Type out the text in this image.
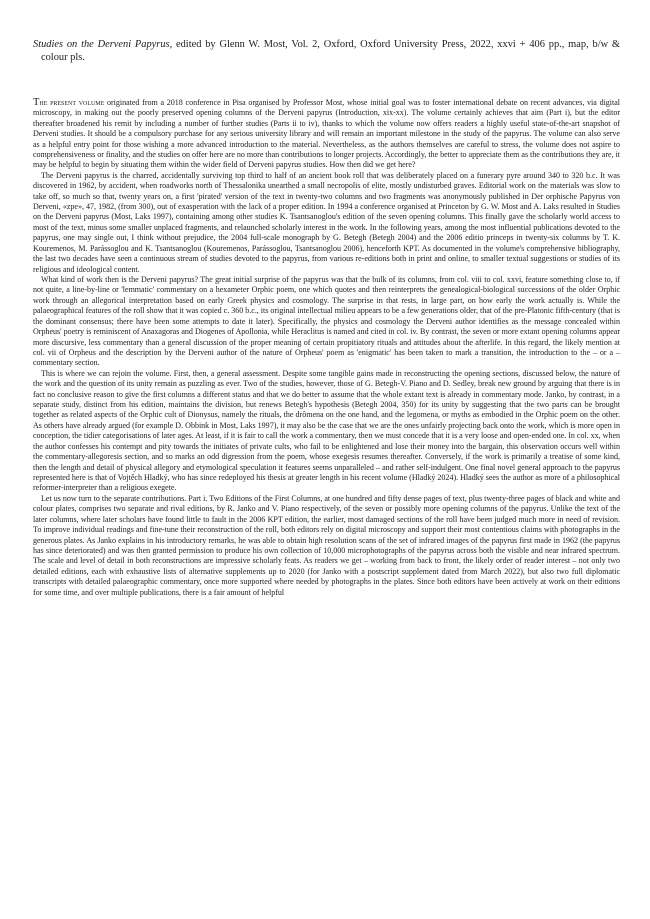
Studies on the Derveni Papyrus, edited by Glenn W. Most, Vol. 2, Oxford, Oxford University Press, 2022, xxvi + 406 pp., map, b/w & colour pls.

The present volume originated from a 2018 conference in Pisa organised by Professor Most, whose initial goal was to foster international debate on recent advances, via digital microscopy, in making out the poorly preserved opening columns of the Derveni papyrus (Introduction, xix-xx). The volume certainly achieves that aim (Part i), but the editor thereafter broadened his remit by including a number of further studies (Parts ii to iv), thanks to which the volume now offers readers a highly useful state-of-the-art snapshot of Derveni studies. It should be a compulsory purchase for any serious university library and will remain an important milestone in the study of the papyrus. The volume can also serve as a helpful entry point for those wishing a more advanced introduction to the material. Nevertheless, as the authors themselves are careful to stress, the volume does not aspire to comprehensiveness or finality, and the studies on offer here are no more than contributions to longer projects. Accordingly, the better to appreciate them as the contributions they are, it may be helpful to begin by situating them within the wider field of Derveni papyrus studies. How then did we get here?

The Derveni papyrus is the charred, accidentally surviving top third to half of an ancient book roll that was deliberately placed on a funerary pyre around 340 to 320 b.c. It was discovered in 1962, by accident, when roadworks north of Thessalonika unearthed a small necropolis of elite, mostly undisturbed graves. Editorial work on the materials was slow to take off, so much so that, twenty years on, a first 'pirated' version of the text in twenty-two columns and two fragments was anonymously published in Der orphische Papyrus von Derveni, «zpe», 47, 1982, (from 300), out of exasperation with the lack of a proper edition. In 1994 a conference organised at Princeton by G. W. Most and A. Laks resulted in Studies on the Derveni papyrus (Most, Laks 1997), containing among other studies K. Tsantsanoglou's edition of the seven opening columns. This finally gave the scholarly world access to most of the text, minus some smaller unplaced fragments, and relaunched scholarly interest in the work. In the following years, among the most influential publications devoted to the papyrus, one may single out, I think without prejudice, the 2004 full-scale monograph by G. Betegh (Betegh 2004) and the 2006 editio princeps in twenty-six columns by T. K. Kouremenos, M. Parássoglou and K. Tsantsanoglou (Kouremenos, Parássoglou, Tsantsanoglou 2006), henceforth KPT. As documented in the volume's comprehensive bibliography, the last two decades have seen a continuous stream of studies devoted to the papyrus, from various re-editions both in print and online, to smaller textual suggestions or studies of its religious and ideological content.

What kind of work then is the Derveni papyrus? The great initial surprise of the papyrus was that the bulk of its columns, from col. viii to col. xxvi, feature something close to, if not quite, a line-by-line or 'lemmatic' commentary on a hexameter Orphic poem, one which quotes and then reinterprets the genealogical-biological successions of the older Orphic work through an allegorical interpretation based on early Greek physics and cosmology. The surprise in that rests, in large part, on how early the work actually is. While the palaeographical features of the roll show that it was copied c. 360 b.c., its original intellectual milieu appears to be a few generations older, that of the pre-Platonic fifth-century (that is the dominant consensus; there have been some attempts to date it later). Specifically, the physics and cosmology the Derveni author identifies as the message concealed within Orpheus' poetry is reminiscent of Anaxagoras and Diogenes of Apollonia, while Heraclitus is named and cited in col. iv. By contrast, the seven or more extant opening columns appear more discursive, less commentary than a general discussion of the proper meaning of certain propitiatory rituals and attitudes about the afterlife. In this regard, the likely mention at col. vii of Orpheus and the description by the Derveni author of the nature of Orpheus' poem as 'enigmatic' has been taken to mark a transition, the introduction to the – or a – commentary section.

This is where we can rejoin the volume. First, then, a general assessment. Despite some tangible gains made in reconstructing the opening sections, discussed below, the nature of the work and the question of its unity remain as puzzling as ever. Two of the studies, however, those of G. Betegh-V. Piano and D. Sedley, break new ground by arguing that there is in fact no conclusive reason to give the first columns a different status and that we do better to assume that the whole extant text is already in commentary mode. Janko, by contrast, in a separate study, distinct from his edition, maintains the division, but renews Betegh's hypothesis (Betegh 2004, 350) for its unity by suggesting that the two parts can be brought together as related aspects of the Orphic cult of Dionysus, namely the rituals, the drômena on the one hand, and the legomena, or myths as embodied in the Orphic poem on the other. As others have already argued (for example D. Obbink in Most, Laks 1997), it may also be the case that we are the ones unfairly projecting back onto the work, which is more open in conception, the tidier categorisations of later ages. At least, if it is fair to call the work a commentary, then we must concede that it is a very loose and open-ended one. In col. xx, when the author confesses his contempt and pity towards the initiates of private cults, who fail to be enlightened and lose their money into the bargain, this observation occurs well within the commentary-allegoresis section, and so marks an odd digression from the poem, whose exegesis resumes thereafter. Conversely, if the work is primarily a treatise of some kind, then the length and detail of physical allegory and etymological speculation it features seems unparalleled – and rather self-indulgent. One final novel general approach to the papyrus represented here is that of Vojtěch Hladký, who has since redeployed his thesis at greater length in his recent volume (Hladký 2024). Hladký sees the author as more of a philosophical reformer-interpreter than a religious exegete.

Let us now turn to the separate contributions. Part i. Two Editions of the First Columns, at one hundred and fifty dense pages of text, plus twenty-three pages of black and white and colour plates, comprises two separate and rival editions, by R. Janko and V. Piano respectively, of the seven or possibly more opening columns of the papyrus. Unlike the text of the later columns, where later scholars have found little to fault in the 2006 KPT edition, the earlier, most damaged sections of the roll have been judged much more in need of revision. To improve individual readings and fine-tune their reconstruction of the roll, both editors rely on digital microscopy and support their most contentious claims with photographs in the generous plates. As Janko explains in his introductory remarks, he was able to obtain high resolution scans of the set of infrared images of the papyrus first made in 1962 (the papyrus has since deteriorated) and was then granted permission to produce his own collection of 10,000 microphotographs of the papyrus across both the visible and near infrared spectrum. The scale and level of detail in both reconstructions are impressive scholarly feats. As readers we get – working from back to front, the likely order of reader interest – not only two detailed editions, each with exhaustive lists of alternative supplements up to 2020 (for Janko with a postscript supplement dated from March 2022), but also two full diplomatic transcripts with detailed palaeographic commentary, once more supported where needed by photographs in the plates. Since both editors have been actively at work on their editions for some time, and over multiple publications, there is a fair amount of helpful
